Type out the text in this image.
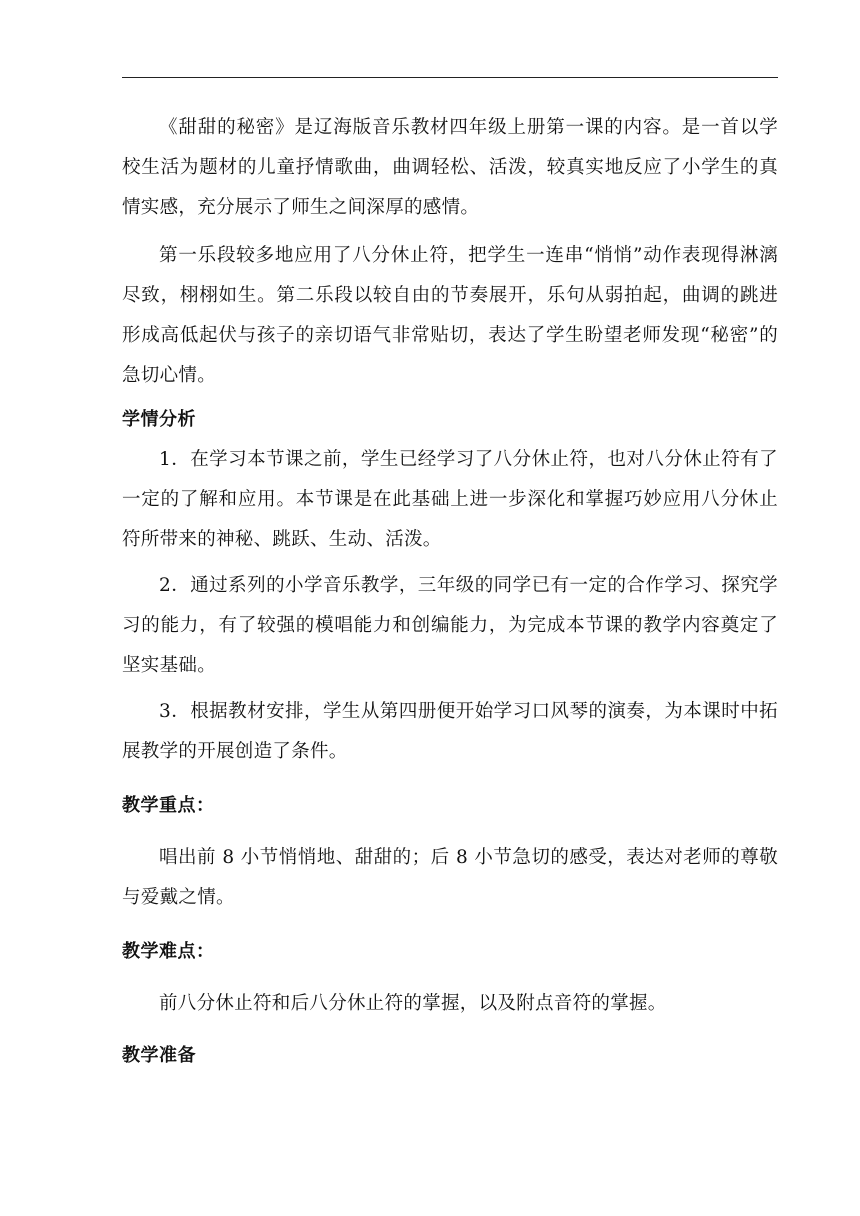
《甜甜的秘密》是辽海版音乐教材四年级上册第一课的内容。是一首以学校生活为题材的儿童抒情歌曲，曲调轻松、活泼，较真实地反应了小学生的真情实感，充分展示了师生之间深厚的感情。

第一乐段较多地应用了八分休止符，把学生一连串“悄悄”动作表现得淋漓尽致，栩栩如生。第二乐段以较自由的节奏展开，乐句从弱拍起，曲调的跳进形成高低起伏与孩子的亲切语气非常贴切，表达了学生盼望老师发现“秘密”的急切心情。

学情分析

1．在学习本节课之前，学生已经学习了八分休止符，也对八分休止符有了一定的了解和应用。本节课是在此基础上进一步深化和掌握巧妙应用八分休止符所带来的神秘、跳跃、生动、活泼。

2．通过系列的小学音乐教学，三年级的同学已有一定的合作学习、探究学习的能力，有了较强的模唱能力和创编能力，为完成本节课的教学内容奠定了坚实基础。

3．根据教材安排，学生从第四册便开始学习口风琴的演奏，为本课时中拓展教学的开展创造了条件。

教学重点：

唱出前 8 小节悄悄地、甜甜的；后 8 小节急切的感受，表达对老师的尊敬与爱戴之情。

教学难点：

前八分休止符和后八分休止符的掌握，以及附点音符的掌握。

教学准备
